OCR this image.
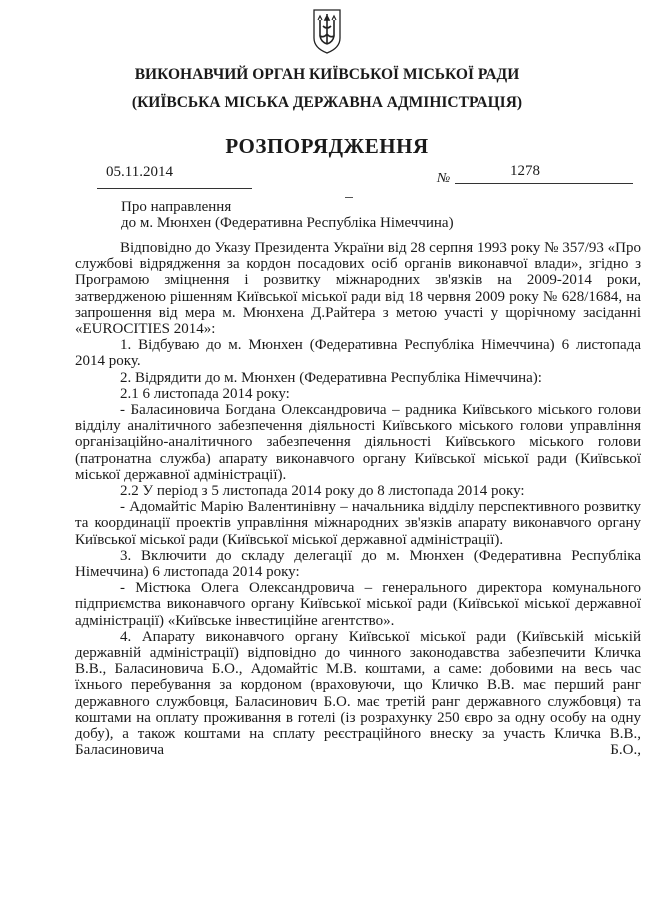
ВИКОНАВЧИЙ ОРГАН КИЇВСЬКОЇ МІСЬКОЇ РАДИ
(КИЇВСЬКА МІСЬКА ДЕРЖАВНА АДМІНІСТРАЦІЯ)
РОЗПОРЯДЖЕННЯ
05.11.2014	№	1278
Про направлення
до м. Мюнхен (Федеративна Республіка Німеччина)

Відповідно до Указу Президента України від 28 серпня 1993 року № 357/93 «Про службові відрядження за кордон посадових осіб органів виконавчої влади», згідно з Програмою зміцнення і розвитку міжнародних зв'язків на 2009-2014 роки, затвердженою рішенням Київської міської ради від 18 червня 2009 року № 628/1684, на запрошення від мера м. Мюнхена Д.Райтера з метою участі у щорічному засіданні «EUROCITIES 2014»:

1. Відбуваю до м. Мюнхен (Федеративна Республіка Німеччина) 6 листопада 2014 року.

2. Відрядити до м. Мюнхен (Федеративна Республіка Німеччина):

2.1 6 листопада 2014 року:

- Баласиновича Богдана Олександровича – радника Київського міського голови відділу аналітичного забезпечення діяльності Київського міського голови управління організаційно-аналітичного забезпечення діяльності Київського міського голови (патронатна служба) апарату виконавчого органу Київської міської ради (Київської міської державної адміністрації).

2.2 У період з 5 листопада 2014 року до 8 листопада 2014 року:

- Адомайтіс Марію Валентинівну – начальника відділу перспективного розвитку та координації проектів управління міжнародних зв'язків апарату виконавчого органу Київської міської ради (Київської міської державної адміністрації).

3. Включити до складу делегації до м. Мюнхен (Федеративна Республіка Німеччина) 6 листопада 2014 року:

- Містюка Олега Олександровича – генерального директора комунального підприємства виконавчого органу Київської міської ради (Київської міської державної адміністрації) «Київське інвестиційне агентство».

4. Апарату виконавчого органу Київської міської ради (Київській міській державній адміністрації) відповідно до чинного законодавства забезпечити Кличка В.В., Баласиновича Б.О., Адомайтіс М.В. коштами, а саме: добовими на весь час їхнього перебування за кордоном (враховуючи, що Кличко В.В. має перший ранг державного службовця, Баласинович Б.О. має третій ранг державного службовця) та коштами на оплату проживання в готелі (із розрахунку 250 євро за одну особу на одну добу), а також коштами на сплату реєстраційного внеску за участь Кличка В.В., Баласиновича Б.О.,
